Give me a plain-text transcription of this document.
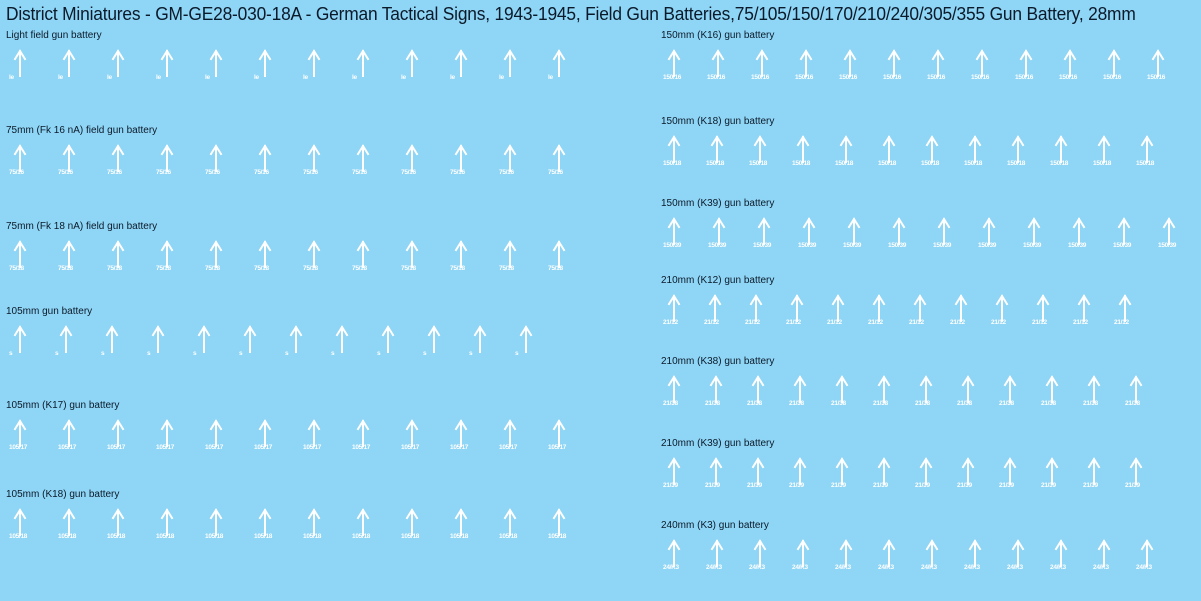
District Miniatures - GM-GE28-030-18A - German Tactical Signs, 1943-1945, Field Gun Batteries,75/105/150/170/210/240/305/355 Gun Battery, 28mm
Light field gun battery
le	le	le	le	le	le	le	le	le	le	le	le
75mm (Fk 16 nA) field gun battery
75/16	75/16	75/16	75/16	75/16	75/16	75/16	75/16	75/16	75/16	75/16	75/16
75mm (Fk 18 nA) field gun battery
75/18	75/18	75/18	75/18	75/18	75/18	75/18	75/18	75/18	75/18	75/18	75/18
105mm gun battery
s	s	s	s	s	s	s	s	s	s	s	s
105mm (K17) gun battery
105/17	105/17	105/17	105/17	105/17	105/17	105/17	105/17	105/17	105/17	105/17	105/17
105mm (K18) gun battery
105/18	105/18	105/18	105/18	105/18	105/18	105/18	105/18	105/18	105/18	105/18	105/18
150mm (K16) gun battery
150/16	150/16	150/16	150/16	150/16	150/16	150/16	150/16	150/16	150/16	150/16	150/16
150mm (K18) gun battery
150/18	150/18	150/18	150/18	150/18	150/18	150/18	150/18	150/18	150/18	150/18	150/18
150mm (K39) gun battery
150/39	150/39	150/39	150/39	150/39	150/39	150/39	150/39	150/39	150/39	150/39	150/39
210mm (K12) gun battery
21/12	21/12	21/12	21/12	21/12	21/12	21/12	21/12	21/12	21/12	21/12	21/12
210mm (K38) gun battery
21/38	21/38	21/38	21/38	21/38	21/38	21/38	21/38	21/38	21/38	21/38	21/38
210mm (K39) gun battery
21/39	21/39	21/39	21/39	21/39	21/39	21/39	21/39	21/39	21/39	21/39	21/39
240mm (K3) gun battery
24/K3	24/K3	24/K3	24/K3	24/K3	24/K3	24/K3	24/K3	24/K3	24/K3	24/K3	24/K3
